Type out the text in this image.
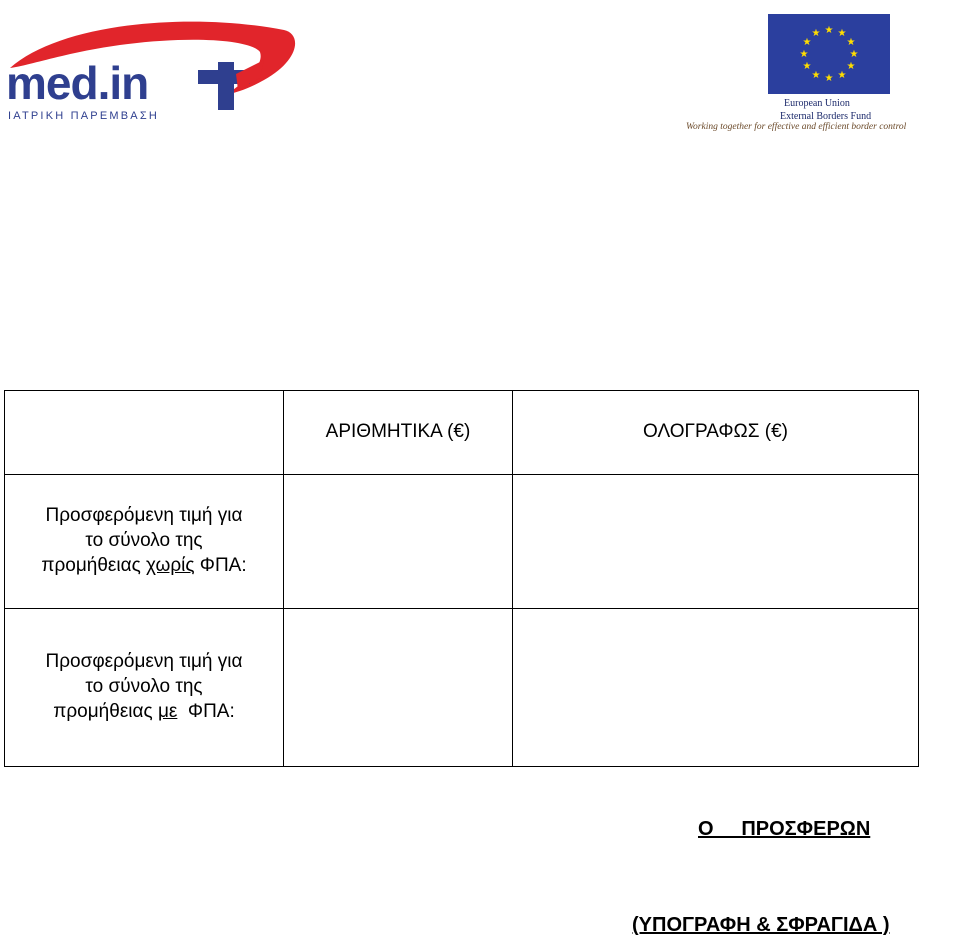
med.in
ΙΑΤΡΙΚΗ ΠΑΡΕΜΒΑΣΗ
★ ★
★
★
★
★
★
★
★
★
★
★
European Union
External Borders Fund
Working together for effective and efficient border control
	ΑΡΙΘΜΗΤΙΚΑ (€)	ΟΛΟΓΡΑΦΩΣ (€)

Προσφερόμενη τιμή για
το σύνολο της
προμήθειας χωρίς ΦΠΑ:		

Προσφερόμενη τιμή για
το σύνολο της
προμήθειας με  ΦΠΑ:		

Ο     ΠΡΟΣΦΕΡΩΝ
(ΥΠΟΓΡΑΦΗ & ΣΦΡΑΓΙΔΑ )
